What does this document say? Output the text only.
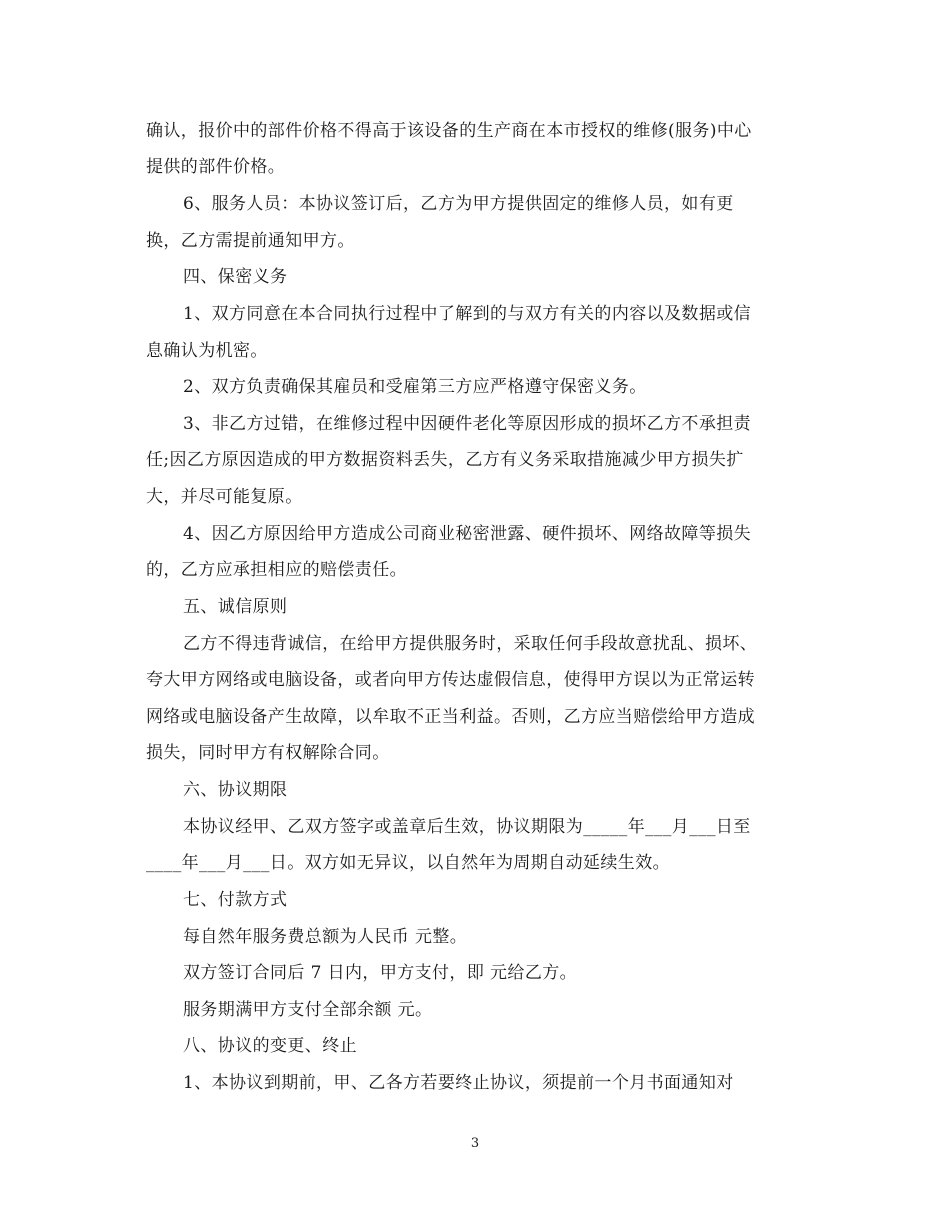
确认，报价中的部件价格不得高于该设备的生产商在本市授权的维修(服务)中心
提供的部件价格。
6、服务人员：本协议签订后，乙方为甲方提供固定的维修人员，如有更
换，乙方需提前通知甲方。
四、保密义务
1、双方同意在本合同执行过程中了解到的与双方有关的内容以及数据或信
息确认为机密。
2、双方负责确保其雇员和受雇第三方应严格遵守保密义务。
3、非乙方过错，在维修过程中因硬件老化等原因形成的损坏乙方不承担责
任;因乙方原因造成的甲方数据资料丢失，乙方有义务采取措施减少甲方损失扩
大，并尽可能复原。
4、因乙方原因给甲方造成公司商业秘密泄露、硬件损坏、网络故障等损失
的，乙方应承担相应的赔偿责任。
五、诚信原则
乙方不得违背诚信，在给甲方提供服务时，采取任何手段故意扰乱、损坏、
夸大甲方网络或电脑设备，或者向甲方传达虚假信息，使得甲方误以为正常运转
网络或电脑设备产生故障，以牟取不正当利益。否则，乙方应当赔偿给甲方造成
损失，同时甲方有权解除合同。
六、协议期限
本协议经甲、乙双方签字或盖章后生效，协议期限为_____年___月___日至
____年___月___日。双方如无异议，以自然年为周期自动延续生效。
七、付款方式
每自然年服务费总额为人民币 元整。
双方签订合同后 7 日内，甲方支付，即 元给乙方。
服务期满甲方支付全部余额 元。
八、协议的变更、终止
1、本协议到期前，甲、乙各方若要终止协议，须提前一个月书面通知对
3
